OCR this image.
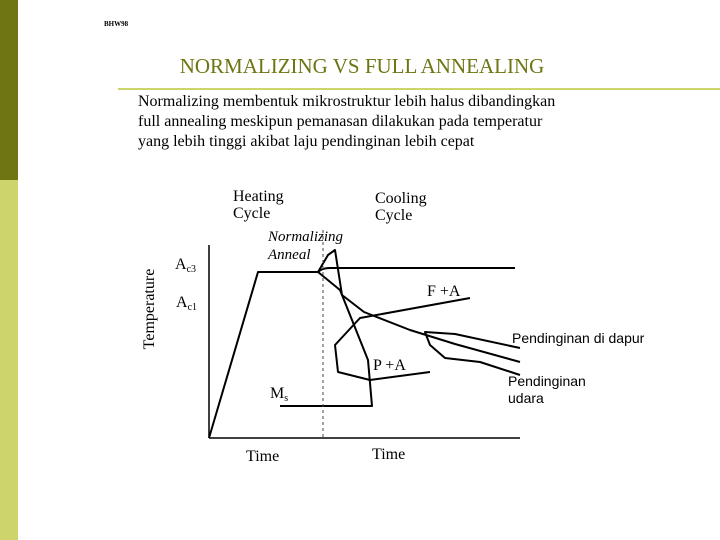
BHW98
NORMALIZING VS FULL ANNEALING
Normalizing membentuk mikrostruktur lebih halus dibandingkan
full annealing meskipun pemanasan dilakukan pada temperatur
yang lebih tinggi akibat laju pendinginan lebih cepat
Temperature
Heating
Cycle
Cooling
Cycle
Normalizing
Anneal
$A_{c3}$
$A_{c1}$
F +A
P +A
$M_s$
Time	Time
Pendinginan di dapur
Pendinginan
udara
